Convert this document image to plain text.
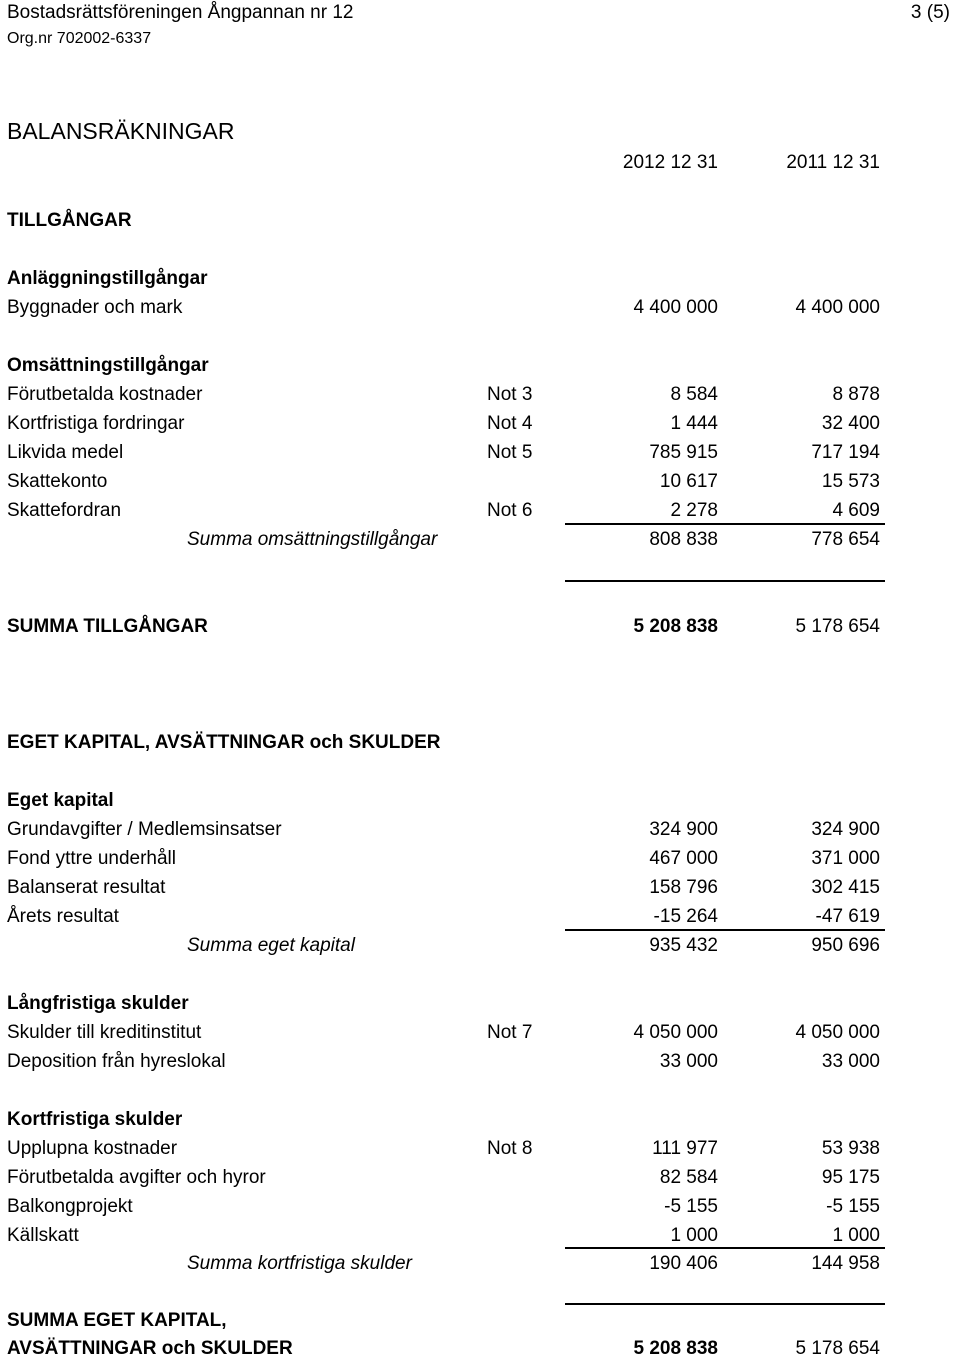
Bostadsrättsföreningen Ångpannan nr 12	3 (5)
Org.nr 702002-6337
BALANSRÄKNINGAR
2012 12 31	2011 12 31
TILLGÅNGAR
Anläggningstillgångar
Byggnader och mark	4 400 000	4 400 000
Omsättningstillgångar
Förutbetalda kostnader	Not 3	8 584	8 878
Kortfristiga fordringar	Not 4	1 444	32 400
Likvida medel	Not 5	785 915	717 194
Skattekonto	10 617	15 573
Skattefordran	Not 6	2 278	4 609
Summa omsättningstillgångar	808 838	778 654
SUMMA TILLGÅNGAR	5 208 838	5 178 654
EGET KAPITAL, AVSÄTTNINGAR och SKULDER
Eget kapital
Grundavgifter / Medlemsinsatser	324 900	324 900
Fond yttre underhåll	467 000	371 000
Balanserat resultat	158 796	302 415
Årets resultat	-15 264	-47 619
Summa eget kapital	935 432	950 696
Långfristiga skulder
Skulder till kreditinstitut	Not 7	4 050 000	4 050 000
Deposition från hyreslokal	33 000	33 000
Kortfristiga skulder
Upplupna kostnader	Not 8	111 977	53 938
Förutbetalda avgifter och hyror	82 584	95 175
Balkongprojekt	-5 155	-5 155
Källskatt	1 000	1 000
Summa kortfristiga skulder	190 406	144 958
SUMMA EGET KAPITAL,
AVSÄTTNINGAR och SKULDER	5 208 838	5 178 654
